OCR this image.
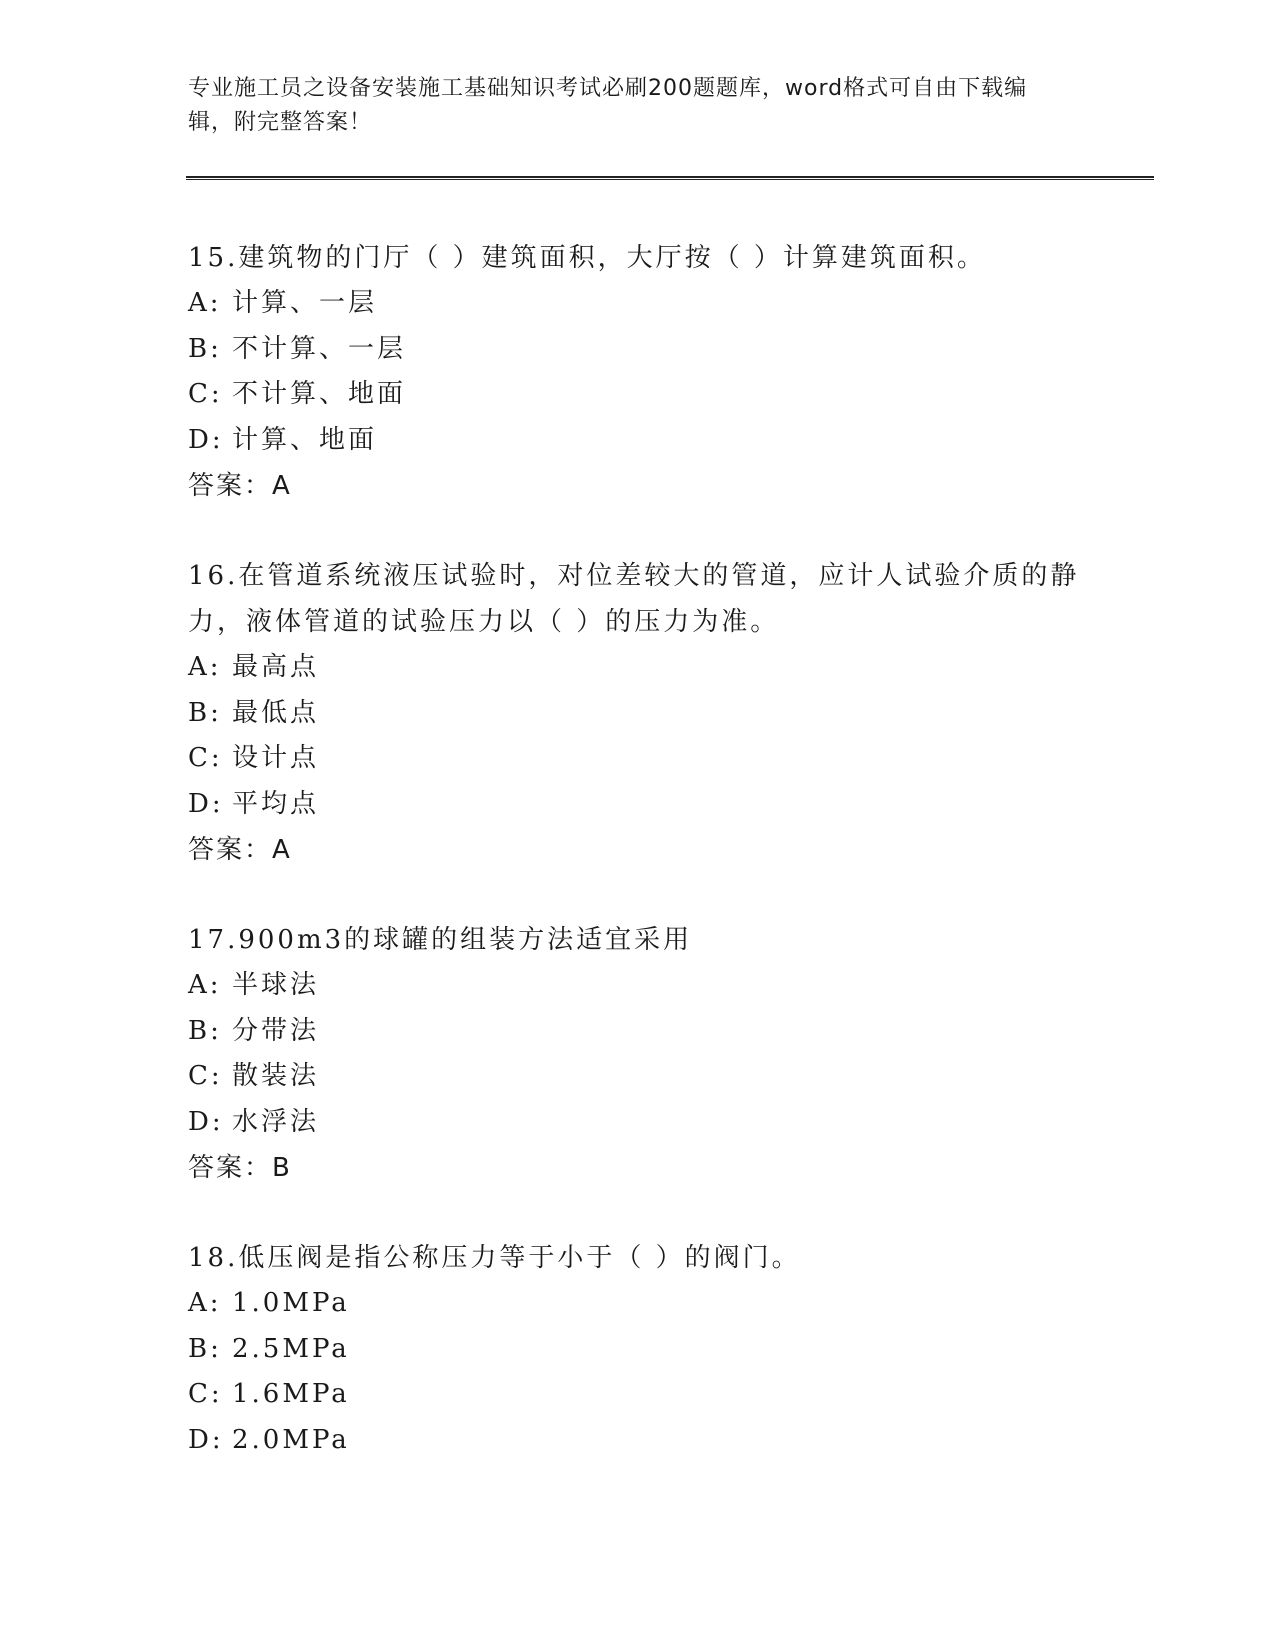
专业施工员之设备安装施工基础知识考试必刷200题题库，word格式可自由下载编辑，附完整答案！

15.建筑物的门厅（ ）建筑面积，大厅按（ ）计算建筑面积。

A: 计算、一层

B: 不计算、一层

C: 不计算、地面

D: 计算、地面

答案：A

16.在管道系统液压试验时，对位差较大的管道，应计人试验介质的静力，液体管道的试验压力以（ ）的压力为准。

A: 最高点

B: 最低点

C: 设计点

D: 平均点

答案：A

17.900m3的球罐的组装方法适宜采用

A: 半球法

B: 分带法

C: 散装法

D: 水浮法

答案：B

18.低压阀是指公称压力等于小于（ ）的阀门。

A: 1.0MPa

B: 2.5MPa

C: 1.6MPa

D: 2.0MPa
